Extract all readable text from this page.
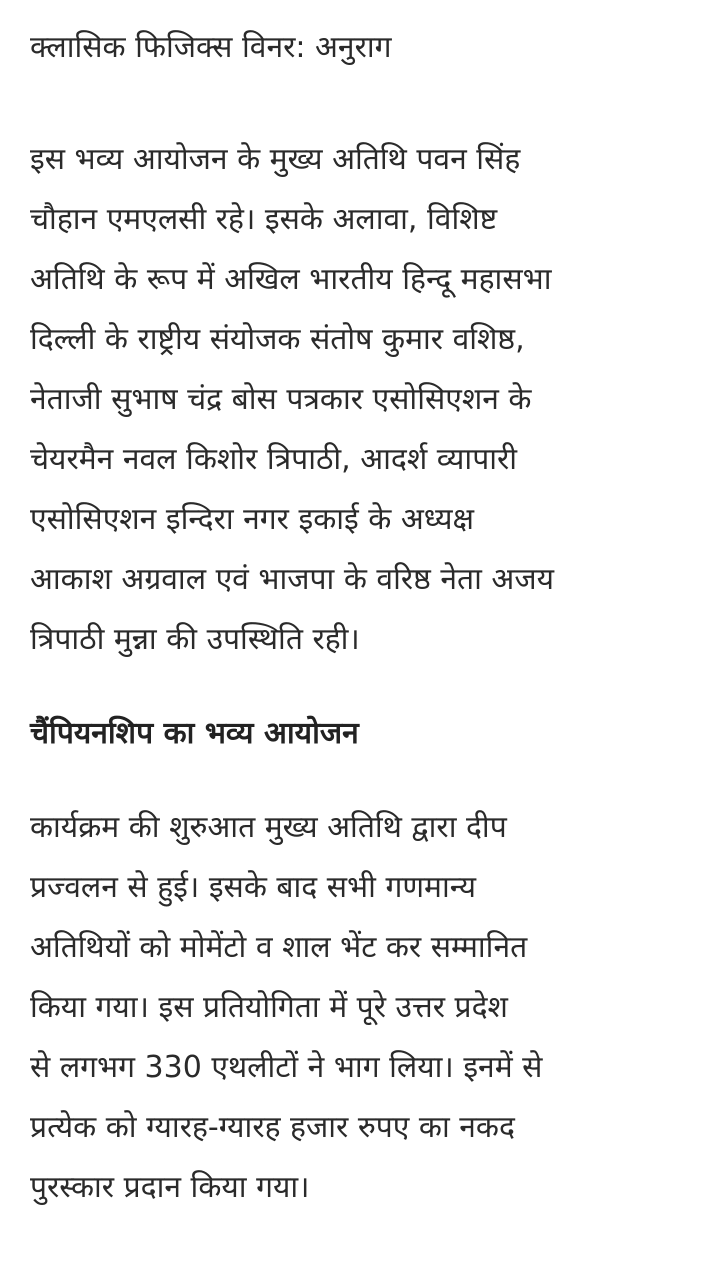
क्लासिक फिजिक्स विनर: अनुराग

इस भव्य आयोजन के मुख्य अतिथि पवन सिंह
चौहान एमएलसी रहे। इसके अलावा, विशिष्ट
अतिथि के रूप में अखिल भारतीय हिन्दू महासभा
दिल्ली के राष्ट्रीय संयोजक संतोष कुमार वशिष्ठ,
नेताजी सुभाष चंद्र बोस पत्रकार एसोसिएशन के
चेयरमैन नवल किशोर त्रिपाठी, आदर्श व्यापारी
एसोसिएशन इन्दिरा नगर इकाई के अध्यक्ष
आकाश अग्रवाल एवं भाजपा के वरिष्ठ नेता अजय
त्रिपाठी मुन्ना की उपस्थिति रही।

चैंपियनशिप का भव्य आयोजन

कार्यक्रम की शुरुआत मुख्य अतिथि द्वारा दीप
प्रज्वलन से हुई। इसके बाद सभी गणमान्य
अतिथियों को मोमेंटो व शाल भेंट कर सम्मानित
किया गया। इस प्रतियोगिता में पूरे उत्तर प्रदेश
से लगभग 330 एथलीटों ने भाग लिया। इनमें से
प्रत्येक को ग्यारह-ग्यारह हजार रुपए का नकद
पुरस्कार प्रदान किया गया।
